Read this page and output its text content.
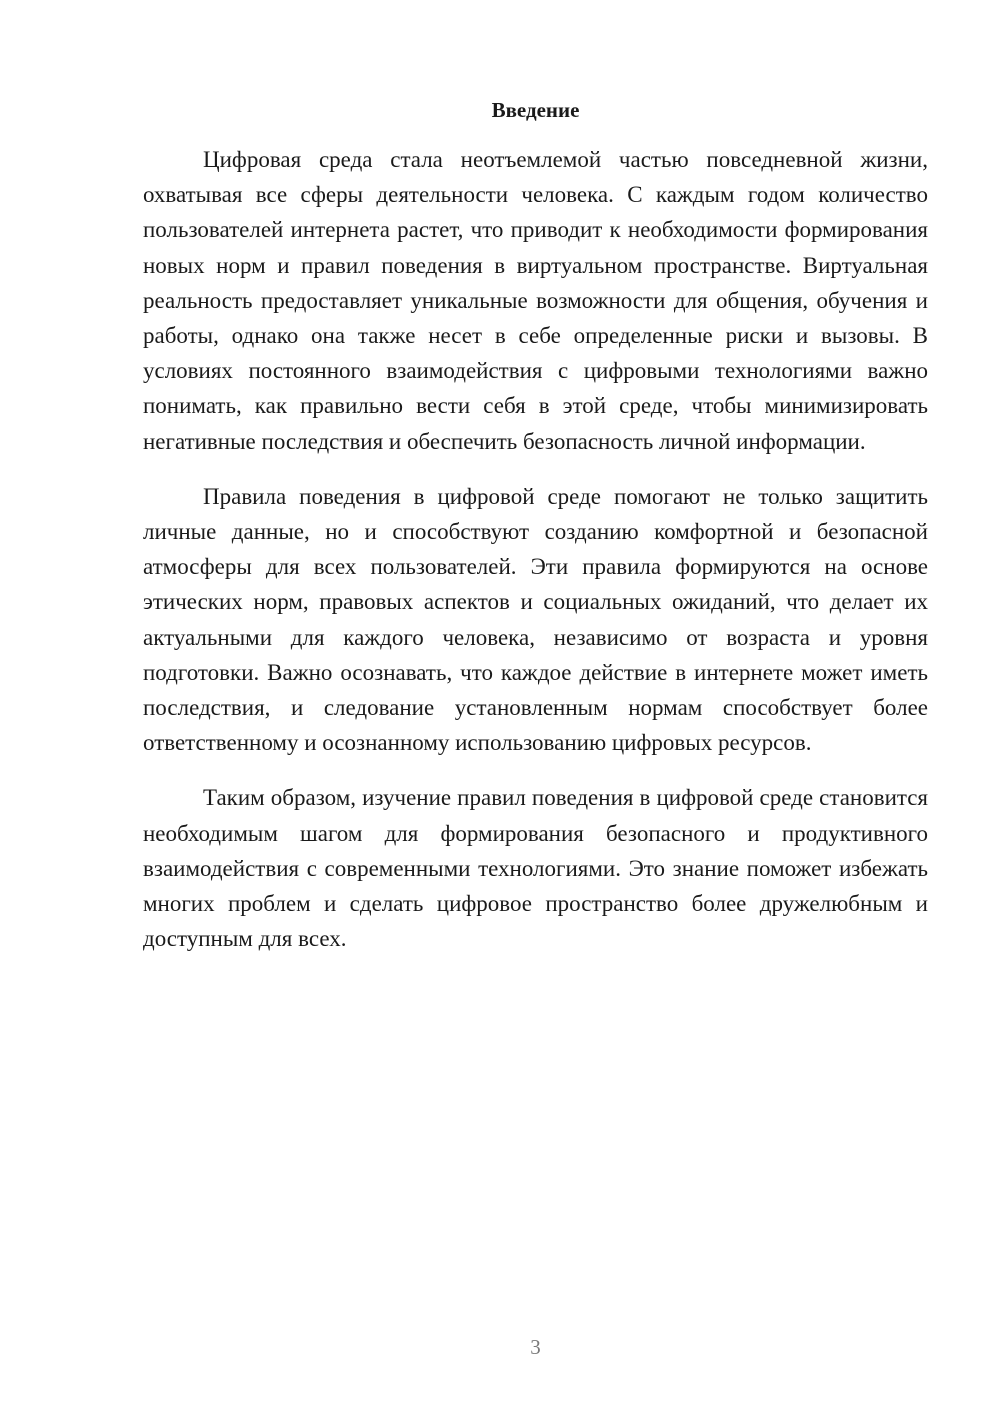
Введение

Цифровая среда стала неотъемлемой частью повседневной жизни, охватывая все сферы деятельности человека. С каждым годом количество пользователей интернета растет, что приводит к необходимости формирования новых норм и правил поведения в виртуальном пространстве. Виртуальная реальность предоставляет уникальные возможности для общения, обучения и работы, однако она также несет в себе определенные риски и вызовы. В условиях постоянного взаимодействия с цифровыми технологиями важно понимать, как правильно вести себя в этой среде, чтобы минимизировать негативные последствия и обеспечить безопасность личной информации.

Правила поведения в цифровой среде помогают не только защитить личные данные, но и способствуют созданию комфортной и безопасной атмосферы для всех пользователей. Эти правила формируются на основе этических норм, правовых аспектов и социальных ожиданий, что делает их актуальными для каждого человека, независимо от возраста и уровня подготовки. Важно осознавать, что каждое действие в интернете может иметь последствия, и следование установленным нормам способствует более ответственному и осознанному использованию цифровых ресурсов.

Таким образом, изучение правил поведения в цифровой среде становится необходимым шагом для формирования безопасного и продуктивного взаимодействия с современными технологиями. Это знание поможет избежать многих проблем и сделать цифровое пространство более дружелюбным и доступным для всех.

3
